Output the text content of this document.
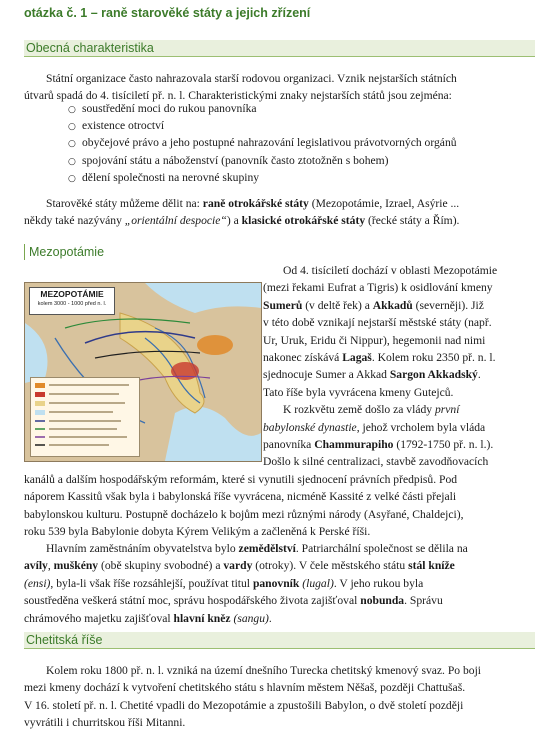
otázka č. 1 – raně starověké státy a jejich zřízení
Obecná charakteristika

Státní organizace často nahrazovala starší rodovou organizaci. Vznik nejstarších státních
útvarů spadá do 4. tisíciletí př. n. l. Charakteristickými znaky nejstarších států jsou zejména:

○ soustředění moci do rukou panovníka
○ existence otroctví
○ obyčejové právo a jeho postupné nahrazování legislativou právotvorných orgánů
○ spojování státu a náboženství (panovník často ztotožněn s bohem)
○ dělení společnosti na nerovné skupiny

Starověké státy můžeme dělit na: raně otrokářské státy (Mezopotámie, Izrael, Asýrie ...
někdy také nazývány „orientální despocie“) a klasické otrokářské státy (řecké státy a Řím).

Mezopotámie
MEZOPOTÁMIE
kolem 3000 - 1000 před n. l.

Od 4. tisíciletí dochází v oblasti Mezopotámie
(mezi řekami Eufrat a Tigris) k osidlování kmeny
Sumerů (v deltě řek) a Akkadů (severněji). Již
v této době vznikají nejstarší městské státy (např.
Ur, Uruk, Eridu či Nippur), hegemonii nad nimi
nakonec získává Lagaš. Kolem roku 2350 př. n. l.
sjednocuje Sumer a Akkad Sargon Akkadský.
Tato říše byla vyvrácena kmeny Gutejců.
K rozkvětu země došlo za vlády první
babylonské dynastie, jehož vrcholem byla vláda
panovníka Chammurapiho (1792-1750 př. n. l.).
Došlo k silné centralizaci, stavbě zavodňovacích

kanálů a dalším hospodářským reformám, které si vynutili sjednocení právních předpisů. Pod
náporem Kassitů však byla i babylonská říše vyvrácena, nicméně Kassité z velké části přejali
babylonskou kulturu. Postupně docházelo k bojům mezi různými národy (Asyřané, Chaldejci),
roku 539 byla Babylonie dobyta Kýrem Velikým a začleněná k Perské říši.

Hlavním zaměstnáním obyvatelstva bylo zemědělství. Patriarchální společnost se dělila na
avíly, muškény (obě skupiny svobodné) a vardy (otroky). V čele městského státu stál kníže
(ensi), byla-li však říše rozsáhlejší, používat titul panovník (lugal). V jeho rukou byla
soustředěna veškerá státní moc, správu hospodářského života zajišťoval nobunda. Správu
chrámového majetku zajišťoval hlavní kněz (sangu).

Chetitská říše

Kolem roku 1800 př. n. l. vzniká na území dnešního Turecka chetitský kmenový svaz. Po boji
mezi kmeny dochází k vytvoření chetitského státu s hlavním městem Něšaš, později Chattušaš.
V 16. století př. n. l. Chetité vpadli do Mezopotámie a zpustošili Babylon, o dvě století později
vyvrátili i churritskou říši Mitanni.
